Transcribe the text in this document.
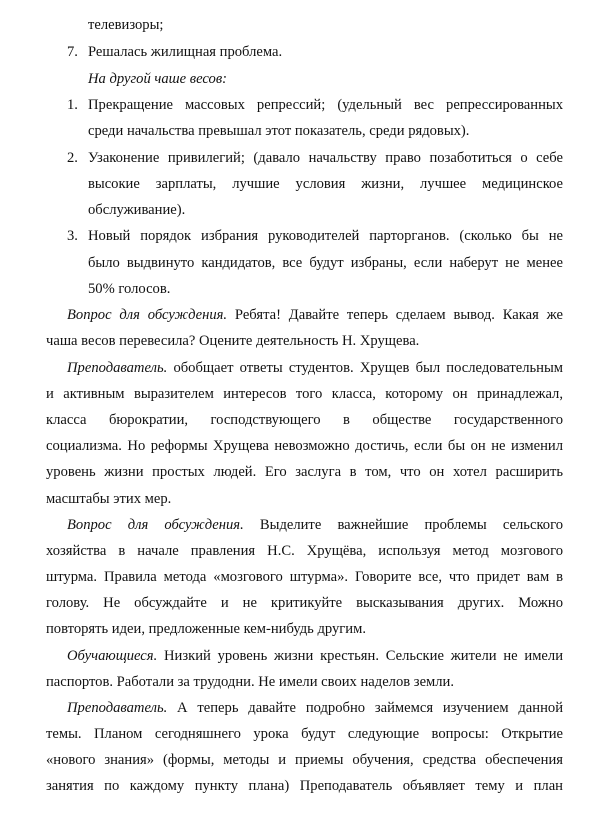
телевизоры;
7. Решалась жилищная проблема.
На другой чаше весов:
1. Прекращение массовых репрессий; (удельный вес репрессированных
среди начальства превышал этот показатель, среди рядовых).
2. Узаконение привилегий; (давало начальству право позаботиться о себе
высокие зарплаты, лучшие условия жизни, лучшее медицинское
обслуживание).
3. Новый порядок избрания руководителей парторганов. (сколько бы не
было выдвинуто кандидатов, все будут избраны, если наберут не менее
50% голосов.
Вопрос для обсуждения. Ребята! Давайте теперь сделаем вывод. Какая же
чаша весов перевесила? Оцените деятельность Н. Хрущева.
Преподаватель. обобщает ответы студентов. Хрущев был последовательным
и активным выразителем интересов того класса, которому он принадлежал,
класса бюрократии, господствующего в обществе государственного
социализма. Но реформы Хрущева невозможно достичь, если бы он не изменил
уровень жизни простых людей. Его заслуга в том, что он хотел расширить
масштабы этих мер.
Вопрос для обсуждения. Выделите важнейшие проблемы сельского
хозяйства в начале правления Н.С. Хрущёва, используя метод мозгового
штурма. Правила метода «мозгового штурма». Говорите все, что придет вам в
голову. Не обсуждайте и не критикуйте высказывания других. Можно
повторять идеи, предложенные кем-нибудь другим.
Обучающиеся. Низкий уровень жизни крестьян. Сельские жители не имели
паспортов. Работали за трудодни. Не имели своих наделов земли.
Преподаватель. А теперь давайте подробно займемся изучением данной
темы. Планом сегодняшнего урока будут следующие вопросы: Открытие
«нового знания» (формы, методы и приемы обучения, средства обеспечения
занятия по каждому пункту плана) Преподаватель объявляет тему и план
